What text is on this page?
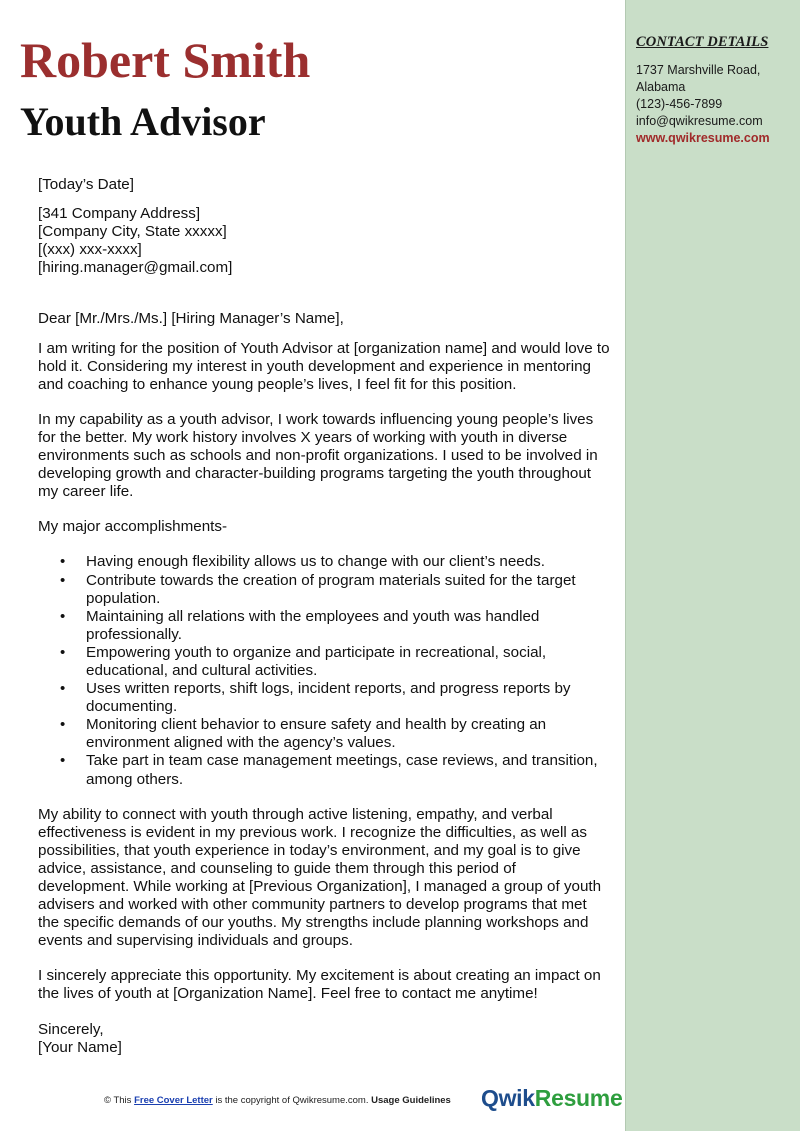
CONTACT DETAILS
1737 Marshville Road,
Alabama
(123)-456-7899
info@qwikresume.com
www.qwikresume.com
Robert Smith
Youth Advisor

[Today’s Date]

[341 Company Address]

[Company City, State xxxxx]

[(xxx) xxx-xxxx]

[hiring.manager@gmail.com]

Dear [Mr./Mrs./Ms.] [Hiring Manager’s Name],

I am writing for the position of Youth Advisor at [organization name] and would love to hold it. Considering my interest in youth development and experience in mentoring and coaching to enhance young people’s lives, I feel fit for this position.

In my capability as a youth advisor, I work towards influencing young people’s lives for the better. My work history involves X years of working with youth in diverse environments such as schools and non-profit organizations. I used to be involved in developing growth and character-building programs targeting the youth throughout my career life.

My major accomplishments-

• Having enough flexibility allows us to change with our client’s needs.
• Contribute towards the creation of program materials suited for the target population.
• Maintaining all relations with the employees and youth was handled professionally.
• Empowering youth to organize and participate in recreational, social, educational, and cultural activities.
• Uses written reports, shift logs, incident reports, and progress reports by documenting.
• Monitoring client behavior to ensure safety and health by creating an environment aligned with the agency’s values.
• Take part in team case management meetings, case reviews, and transition, among others.

My ability to connect with youth through active listening, empathy, and verbal effectiveness is evident in my previous work. I recognize the difficulties, as well as possibilities, that youth experience in today’s environment, and my goal is to give advice, assistance, and counseling to guide them through this period of development. While working at [Previous Organization], I managed a group of youth advisers and worked with other community partners to develop programs that met the specific demands of our youths. My strengths include planning workshops and events and supervising individuals and groups.

I sincerely appreciate this opportunity. My excitement is about creating an impact on the lives of youth at [Organization Name]. Feel free to contact me anytime!

Sincerely,

[Your Name]

© This Free Cover Letter is the copyright of Qwikresume.com. Usage Guidelines QwikResume
